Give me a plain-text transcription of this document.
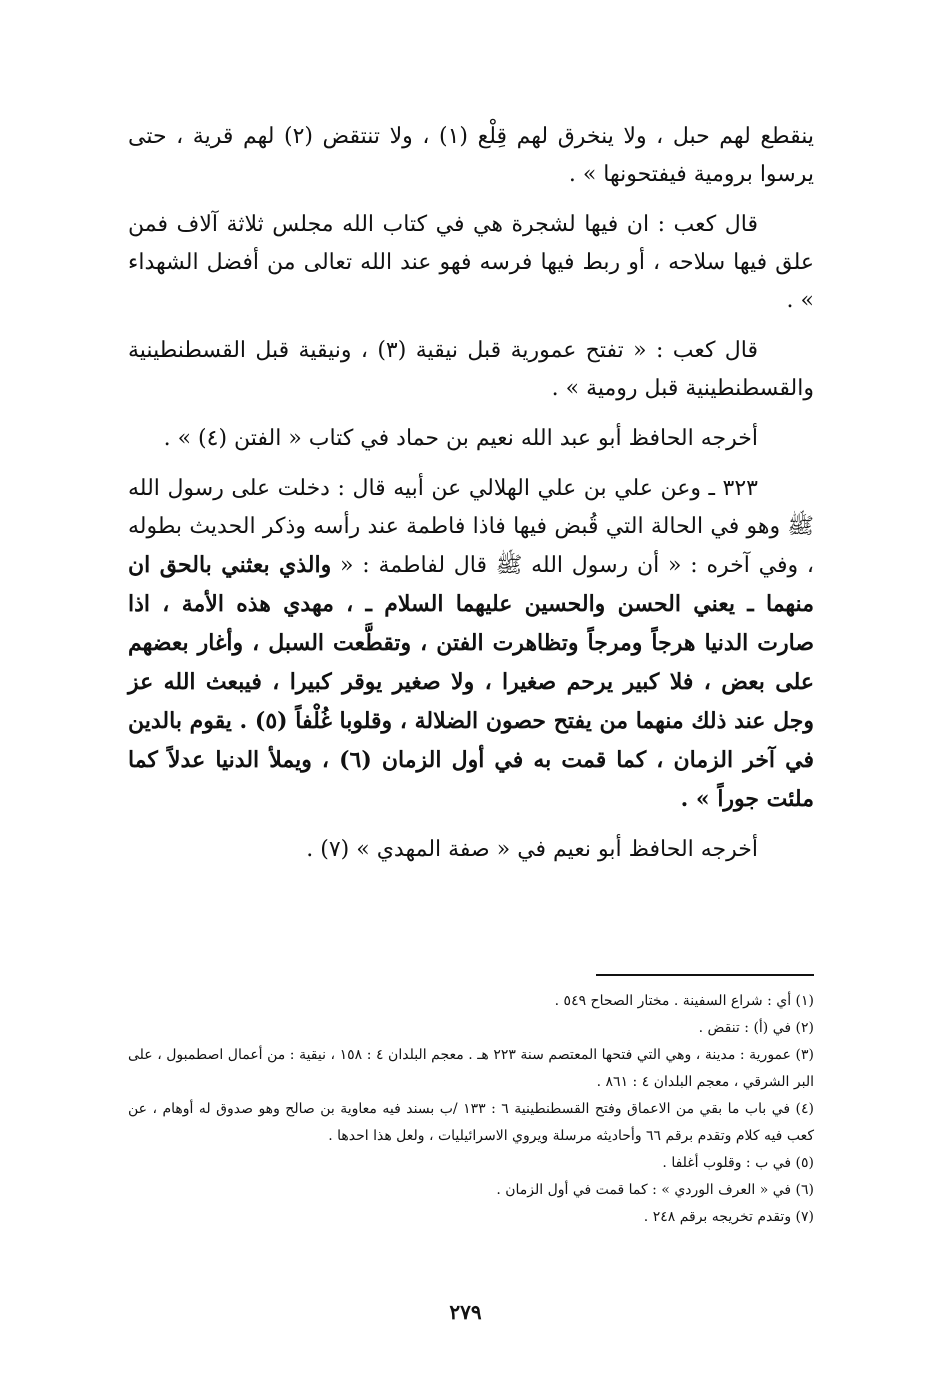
ينقطع لهم حبل ، ولا ينخرق لهم قِلْع (١) ، ولا تنتقض (٢) لهم قرية ، حتى يرسوا برومية فيفتحونها » .

قال كعب : ان فيها لشجرة هي في كتاب الله مجلس ثلاثة آلاف فمن علق فيها سلاحه ، أو ربط فيها فرسه فهو عند الله تعالى من أفضل الشهداء » .

قال كعب : « تفتح عمورية قبل نيقية (٣) ، ونيقية قبل القسطنطينية والقسطنطينية قبل رومية » .

أخرجه الحافظ أبو عبد الله نعيم بن حماد في كتاب « الفتن (٤) » .

٣٢٣ ـ وعن علي بن علي الهلالي عن أبيه قال : دخلت على رسول الله ﷺ وهو في الحالة التي قُبض فيها فاذا فاطمة عند رأسه وذكر الحديث بطوله ، وفي آخره : « أن رسول الله ﷺ قال لفاطمة : « والذي بعثني بالحق ان منهما ـ يعني الحسن والحسين عليهما السلام ـ ، مهدي هذه الأمة ، اذا صارت الدنيا هرجاً ومرجاً وتظاهرت الفتن ، وتقطَّعت السبل ، وأغار بعضهم على بعض ، فلا كبير يرحم صغيرا ، ولا صغير يوقر كبيرا ، فيبعث الله عز وجل عند ذلك منهما من يفتح حصون الضلالة ، وقلوبا غُلْفاً (٥) . يقوم بالدين في آخر الزمان ، كما قمت به في أول الزمان (٦) ، ويملأ الدنيا عدلاً كما ملئت جوراً » .

أخرجه الحافظ أبو نعيم في « صفة المهدي » (٧) .

(١) أي : شراع السفينة . مختار الصحاح ٥٤٩ .

(٢) في (أ) : تنقض .

(٣) عمورية : مدينة ، وهي التي فتحها المعتصم سنة ٢٢٣ هـ . معجم البلدان ٤ : ١٥٨ ، نيقية : من أعمال اصطمبول ، على البر الشرقي ، معجم البلدان ٤ : ٨٦١ .

(٤) في باب ما بقي من الاعماق وفتح القسطنطينية ٦ : ١٣٣ /ب بسند فيه معاوية بن صالح وهو صدوق له أوهام ، عن كعب فيه كلام وتقدم برقم ٦٦ وأحاديثه مرسلة ويروي الاسرائيليات ، ولعل هذا احدها .

(٥) في ب : وقلوب أغلفا .

(٦) في « العرف الوردي » : كما قمت في أول الزمان .

(٧) وتقدم تخريجه برقم ٢٤٨ .

٢٧٩
